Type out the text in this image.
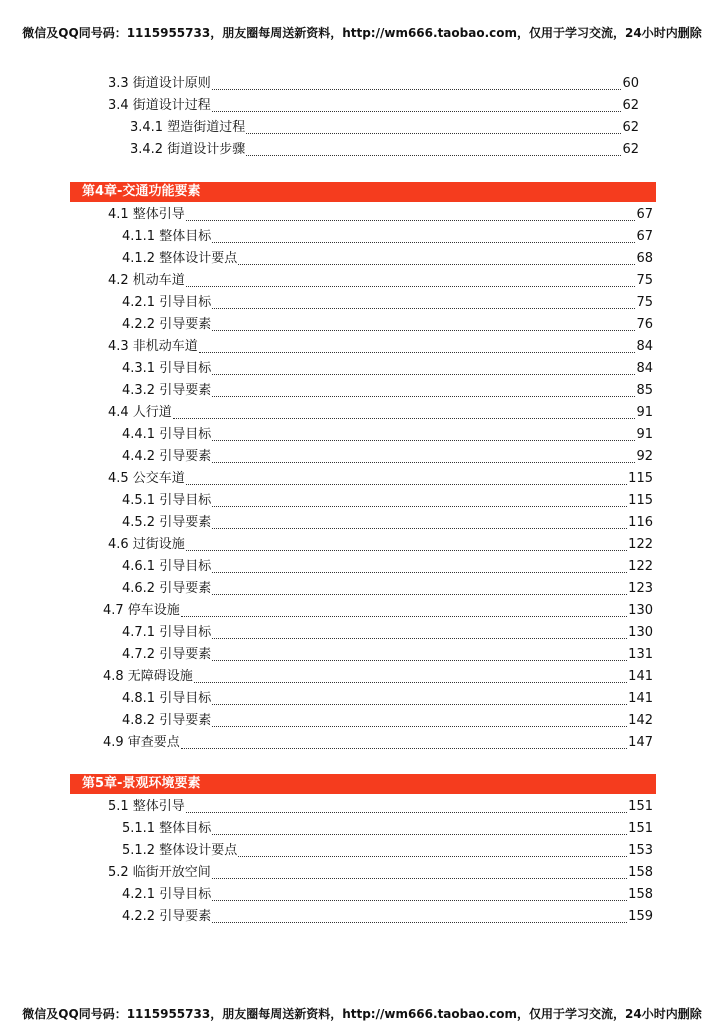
微信及QQ同号码：1115955733，朋友圈每周送新资料，http://wm666.taobao.com，仅用于学习交流，24小时内删除
3.3 街道设计原则	60
3.4 街道设计过程	62
3.4.1 塑造街道过程	62
3.4.2 街道设计步骤	62
第4章-交通功能要素
4.1 整体引导	67
4.1.1 整体目标	67
4.1.2 整体设计要点	68
4.2 机动车道	75
4.2.1 引导目标	75
4.2.2 引导要素	76
4.3 非机动车道	84
4.3.1 引导目标	84
4.3.2 引导要素	85
4.4 人行道	91
4.4.1 引导目标	91
4.4.2 引导要素	92
4.5 公交车道	115
4.5.1 引导目标	115
4.5.2 引导要素	116
4.6 过街设施	122
4.6.1 引导目标	122
4.6.2 引导要素	123
4.7 停车设施	130
4.7.1 引导目标	130
4.7.2 引导要素	131
4.8 无障碍设施	141
4.8.1 引导目标	141
4.8.2 引导要素	142
4.9 审查要点	147
第5章-景观环境要素
5.1 整体引导	151
5.1.1 整体目标	151
5.1.2 整体设计要点	153
5.2 临街开放空间	158
4.2.1 引导目标	158
4.2.2 引导要素	159
微信及QQ同号码：1115955733，朋友圈每周送新资料，http://wm666.taobao.com，仅用于学习交流，24小时内删除
